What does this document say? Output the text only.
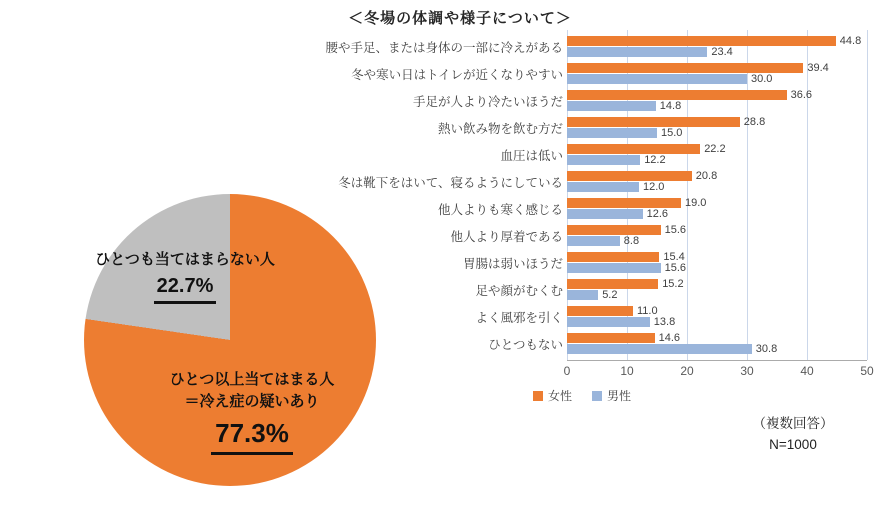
＜冬場の体調や様子について＞
ひとつも当てはまらない人
22.7%
ひとつ以上当てはまる人
＝冷え症の疑いあり
77.3%
腰や手足、または身体の一部に冷えがある	44.8
23.4
冬や寒い日はトイレが近くなりやすい	39.4
30.0
手足が人より冷たいほうだ	36.6
14.8
熱い飲み物を飲む方だ	28.8
15.0
血圧は低い	22.2
12.2
冬は靴下をはいて、寝るようにしている	20.8
12.0
他人よりも寒く感じる	19.0
12.6
他人より厚着である	15.6
8.8
胃腸は弱いほうだ	15.4
15.6
足や顔がむくむ	15.2
5.2
よく風邪を引く	11.0
13.8
ひとつもない	14.6
30.8
0	10	20	30	40	50
女性	男性
（複数回答）
N=1000
